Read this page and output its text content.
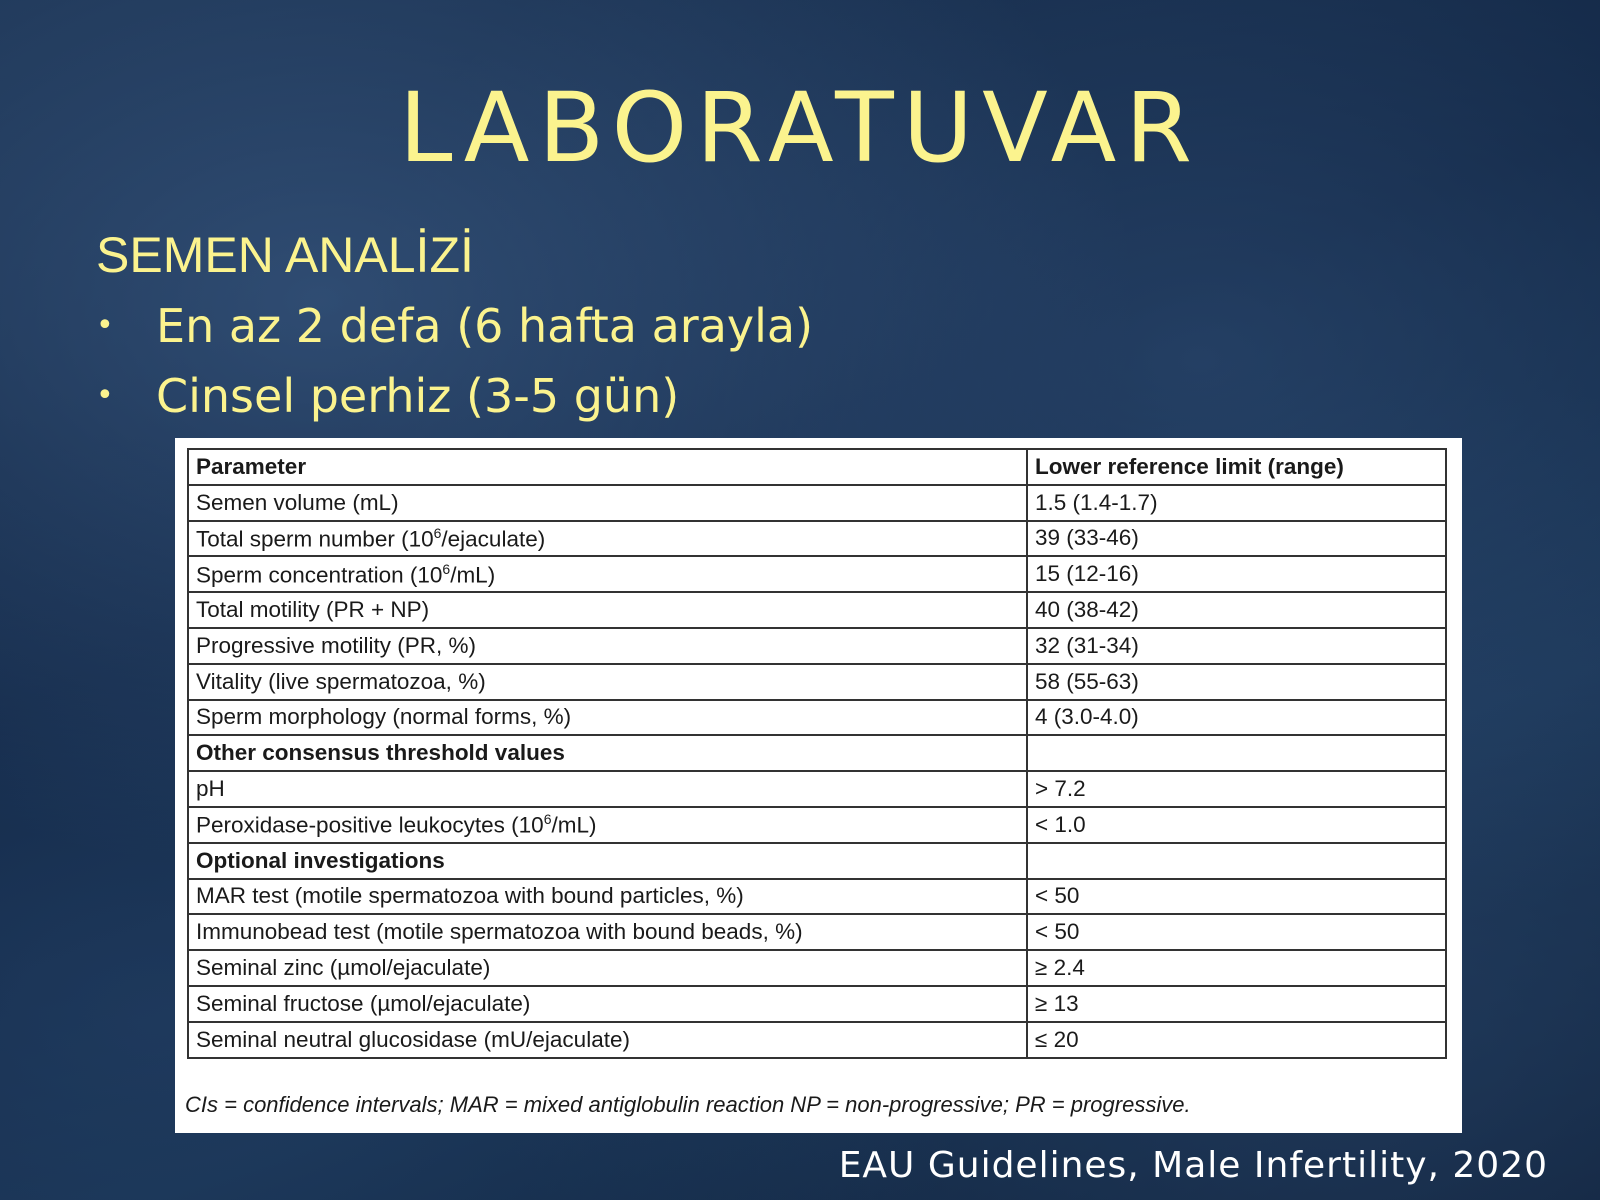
LABORATUVAR
SEMEN ANALİZİ
• En az 2 defa (6 hafta arayla)
• Cinsel perhiz (3-5 gün)
Parameter	Lower reference limit (range)
Semen volume (mL)	1.5 (1.4-1.7)
Total sperm number $(10^6/ejaculate)$	39 (33-46)
Sperm concentration $(10^6/mL)$	15 (12-16)
Total motility (PR + NP)	40 (38-42)
Progressive motility (PR, %)	32 (31-34)
Vitality (live spermatozoa, %)	58 (55-63)
Sperm morphology (normal forms, %)	4 (3.0-4.0)
Other consensus threshold values	
pH	> 7.2
Peroxidase-positive leukocytes $(10^6/mL)$	< 1.0
Optional investigations	
MAR test (motile spermatozoa with bound particles, %)	< 50
Immunobead test (motile spermatozoa with bound beads, %)	< 50
Seminal zinc (µmol/ejaculate)	≥ 2.4
Seminal fructose (µmol/ejaculate)	≥ 13
Seminal neutral glucosidase (mU/ejaculate)	≤ 20
CIs = confidence intervals; MAR = mixed antiglobulin reaction NP = non-progressive; PR = progressive.
EAU Guidelines, Male Infertility, 2020
